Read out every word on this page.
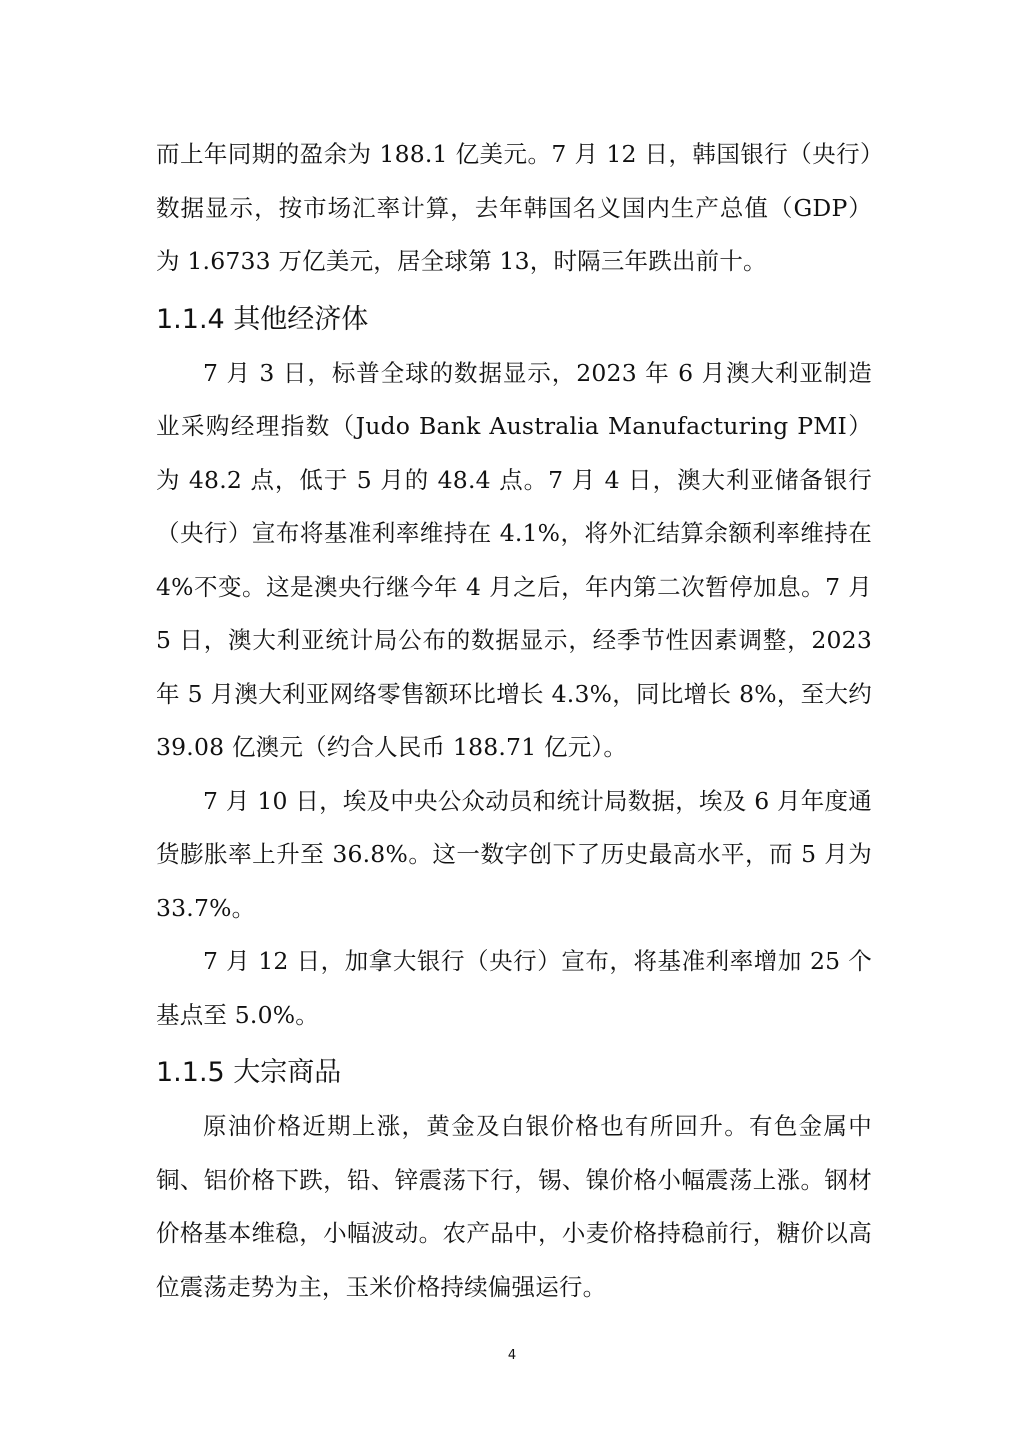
而上年同期的盈余为 188.1 亿美元。7 月 12 日，韩国银行（央行）数据显示，按市场汇率计算，去年韩国名义国内生产总值（GDP）为 1.6733 万亿美元，居全球第 13，时隔三年跌出前十。

1.1.4 其他经济体

7 月 3 日，标普全球的数据显示，2023 年 6 月澳大利亚制造业采购经理指数（Judo Bank Australia Manufacturing PMI）为 48.2 点，低于 5 月的 48.4 点。7 月 4 日，澳大利亚储备银行（央行）宣布将基准利率维持在 4.1%，将外汇结算余额利率维持在 4%不变。这是澳央行继今年 4 月之后，年内第二次暂停加息。7 月 5 日，澳大利亚统计局公布的数据显示，经季节性因素调整，2023 年 5 月澳大利亚网络零售额环比增长 4.3%，同比增长 8%，至大约 39.08 亿澳元（约合人民币 188.71 亿元）。

7 月 10 日，埃及中央公众动员和统计局数据，埃及 6 月年度通货膨胀率上升至 36.8%。这一数字创下了历史最高水平，而 5 月为 33.7%。

7 月 12 日，加拿大银行（央行）宣布，将基准利率增加 25 个基点至 5.0%。

1.1.5 大宗商品

原油价格近期上涨，黄金及白银价格也有所回升。有色金属中铜、铝价格下跌，铅、锌震荡下行，锡、镍价格小幅震荡上涨。钢材价格基本维稳，小幅波动。农产品中，小麦价格持稳前行，糖价以高位震荡走势为主，玉米价格持续偏强运行。

4
